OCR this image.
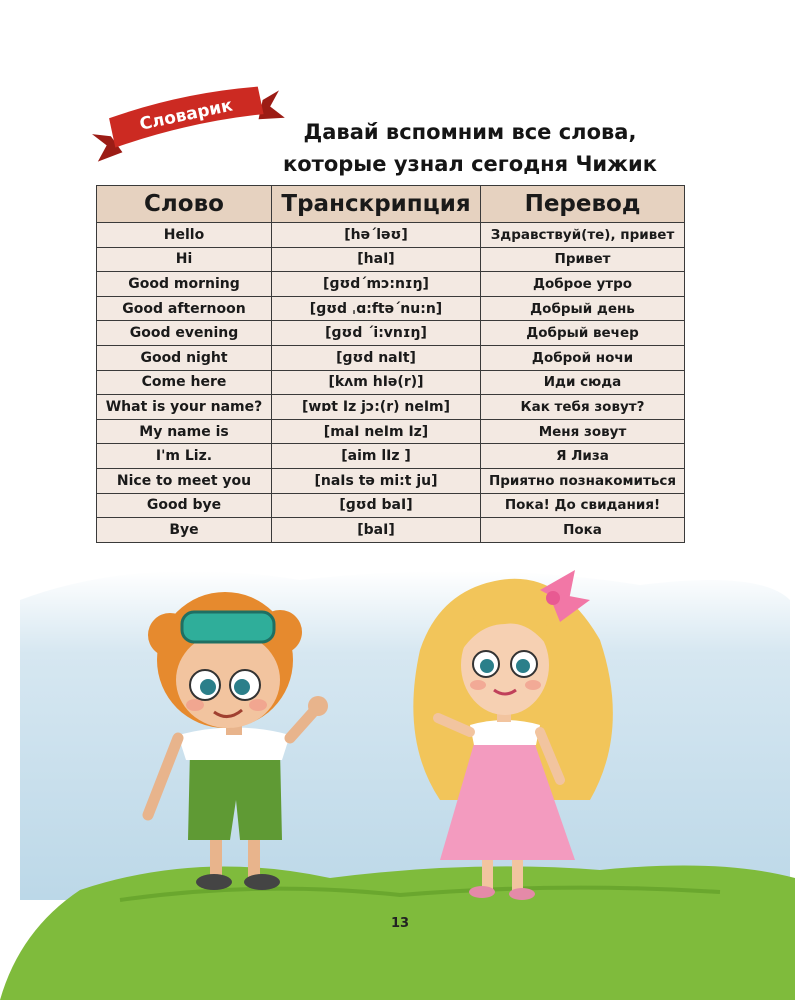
Словарик	Давай́ вспомним все слова,
которые узнал сегодня Чижик
Слово	Транскрипция	Перевод
Hello	[hə΄ləʊ]	Здравствуй(те), привет
Hi	[haI]	Привет
Good morning	[ɡʊd΄mɔ:nɪŋ]	Доброе утро
Good afternoon	[ɡʊd ˌɑ:ftə΄nu:n]	Добрый день
Good evening	[ɡʊd ΄i:vnɪŋ]	Добрый вечер
Good night	[ɡʊd naIt]	Доброй ночи
Come here	[kʌm hIə(r)]	Иди сюда
What is your name?	[wɒt Iz jɔ:(r) neIm]	Как тебя зовут?
My name is	[maI neIm Iz]	Меня зовут
I'm Liz.	[aim lIz ]	Я Лиза
Nice to meet you	[naIs tə mi:t ju]	Приятно познакомиться
Good bye	[ɡʊd baI]	Пока! До свидания!
Bye	[baI]	Пока
13
